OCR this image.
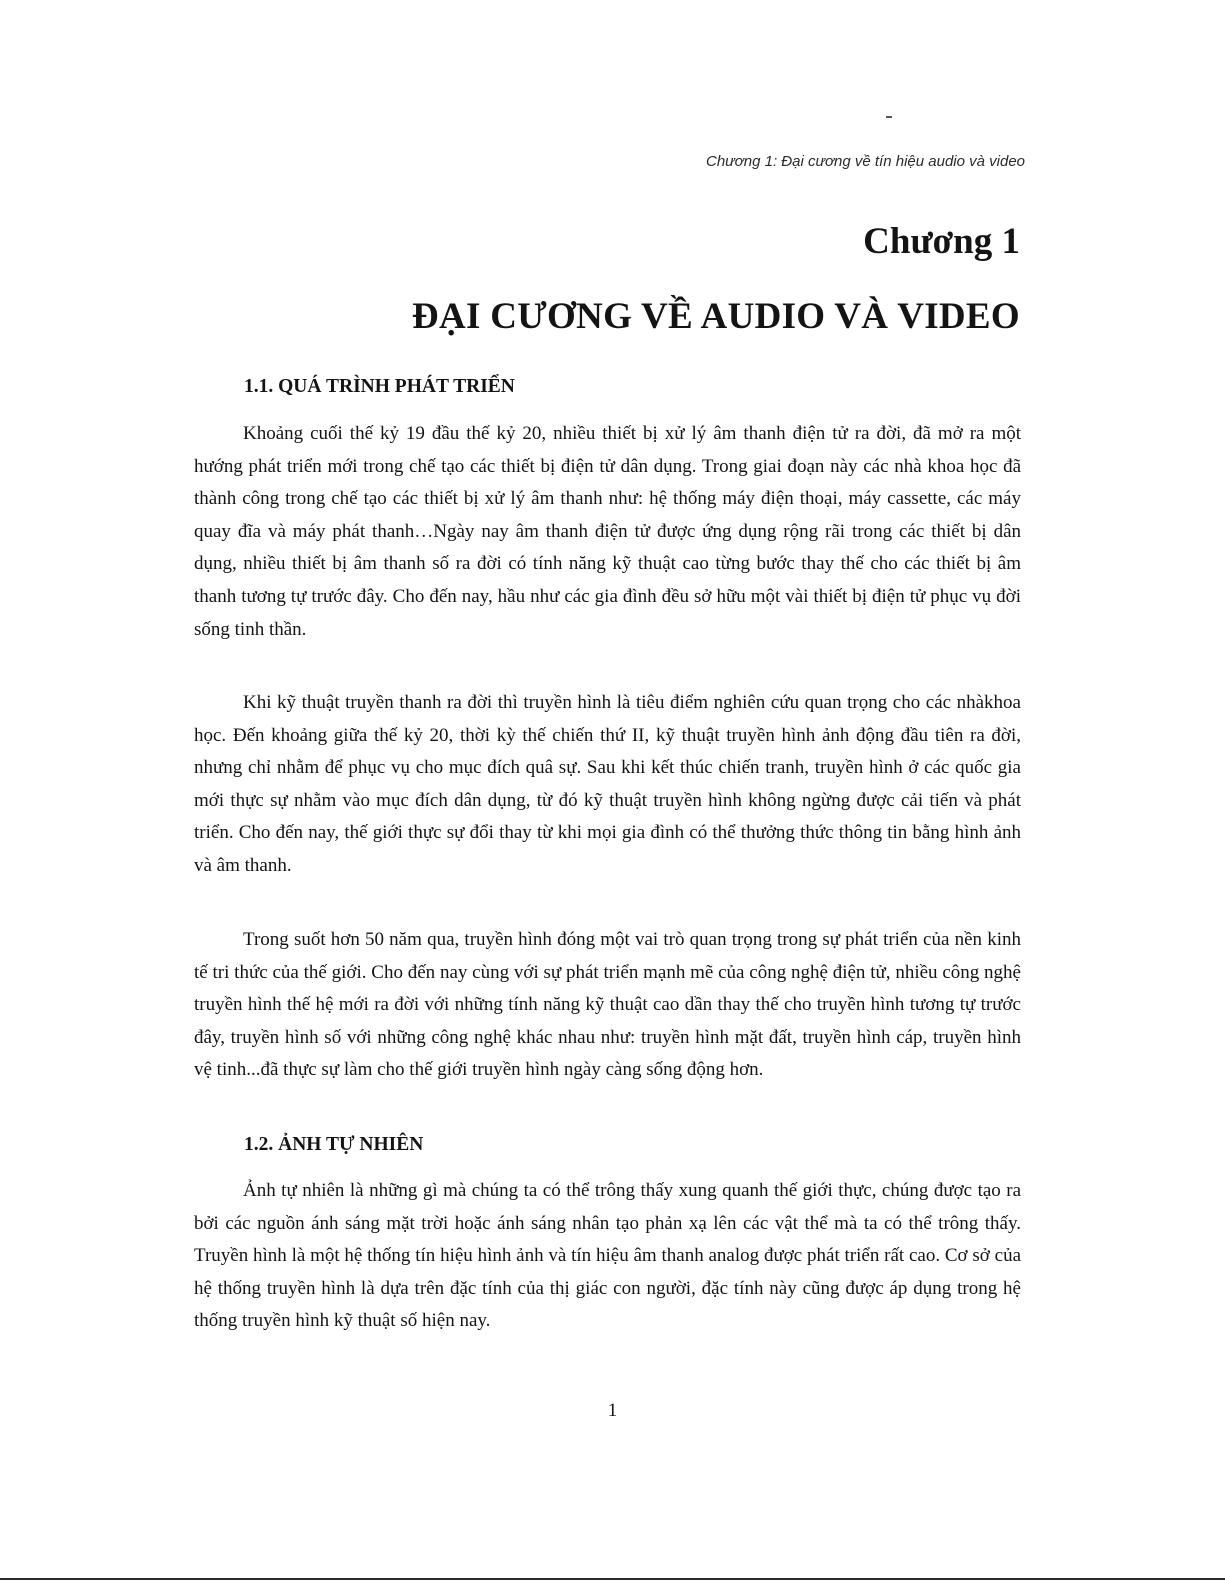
Chương 1: Đại cương về tín hiệu audio và video
Chương 1
ĐẠI CƯƠNG VỀ AUDIO VÀ VIDEO
1.1. QUÁ TRÌNH PHÁT TRIỂN

Khoảng cuối thế kỷ 19 đầu thế kỷ 20, nhiều thiết bị xử lý âm thanh điện tử ra đời, đã mở ra một hướng phát triển mới trong chế tạo các thiết bị điện tử dân dụng. Trong giai đoạn này các nhà khoa học đã thành công trong chế tạo các thiết bị xử lý âm thanh như: hệ thống máy điện thoại, máy cassette, các máy quay đĩa và máy phát thanh…Ngày nay âm thanh điện tử được ứng dụng rộng rãi trong các thiết bị dân dụng, nhiều thiết bị âm thanh số ra đời có tính năng kỹ thuật cao từng bước thay thế cho các thiết bị âm thanh tương tự trước đây. Cho đến nay, hầu như các gia đình đều sở hữu một vài thiết bị điện tử phục vụ đời sống tinh thần.

Khi kỹ thuật truyền thanh ra đời thì truyền hình là tiêu điểm nghiên cứu quan trọng cho các nhàkhoa học. Đến khoảng giữa thế kỷ 20, thời kỳ thế chiến thứ II, kỹ thuật truyền hình ảnh động đầu tiên ra đời, nhưng chỉ nhằm để phục vụ cho mục đích quâ sự. Sau khi kết thúc chiến tranh, truyền hình ở các quốc gia mới thực sự nhằm vào mục đích dân dụng, từ đó kỹ thuật truyền hình không ngừng được cải tiến và phát triển. Cho đến nay, thế giới thực sự đổi thay từ khi mọi gia đình có thể thưởng thức thông tin bằng hình ảnh và âm thanh.

Trong suốt hơn 50 năm qua, truyền hình đóng một vai trò quan trọng trong sự phát triển của nền kinh tế tri thức của thế giới. Cho đến nay cùng với sự phát triển mạnh mẽ của công nghệ điện tử, nhiều công nghệ truyền hình thế hệ mới ra đời với những tính năng kỹ thuật cao dần thay thế cho truyền hình tương tự trước đây, truyền hình số với những công nghệ khác nhau như: truyền hình mặt đất, truyền hình cáp, truyền hình vệ tinh...đã thực sự làm cho thế giới truyền hình ngày càng sống động hơn.

1.2. ẢNH TỰ NHIÊN

Ảnh tự nhiên là những gì mà chúng ta có thể trông thấy xung quanh thế giới thực, chúng được tạo ra bởi các nguồn ánh sáng mặt trời hoặc ánh sáng nhân tạo phản xạ lên các vật thể mà ta có thể trông thấy. Truyền hình là một hệ thống tín hiệu hình ảnh và tín hiệu âm thanh analog được phát triển rất cao. Cơ sở của hệ thống truyền hình là dựa trên đặc tính của thị giác con người, đặc tính này cũng được áp dụng trong hệ thống truyền hình kỹ thuật số hiện nay.

1
